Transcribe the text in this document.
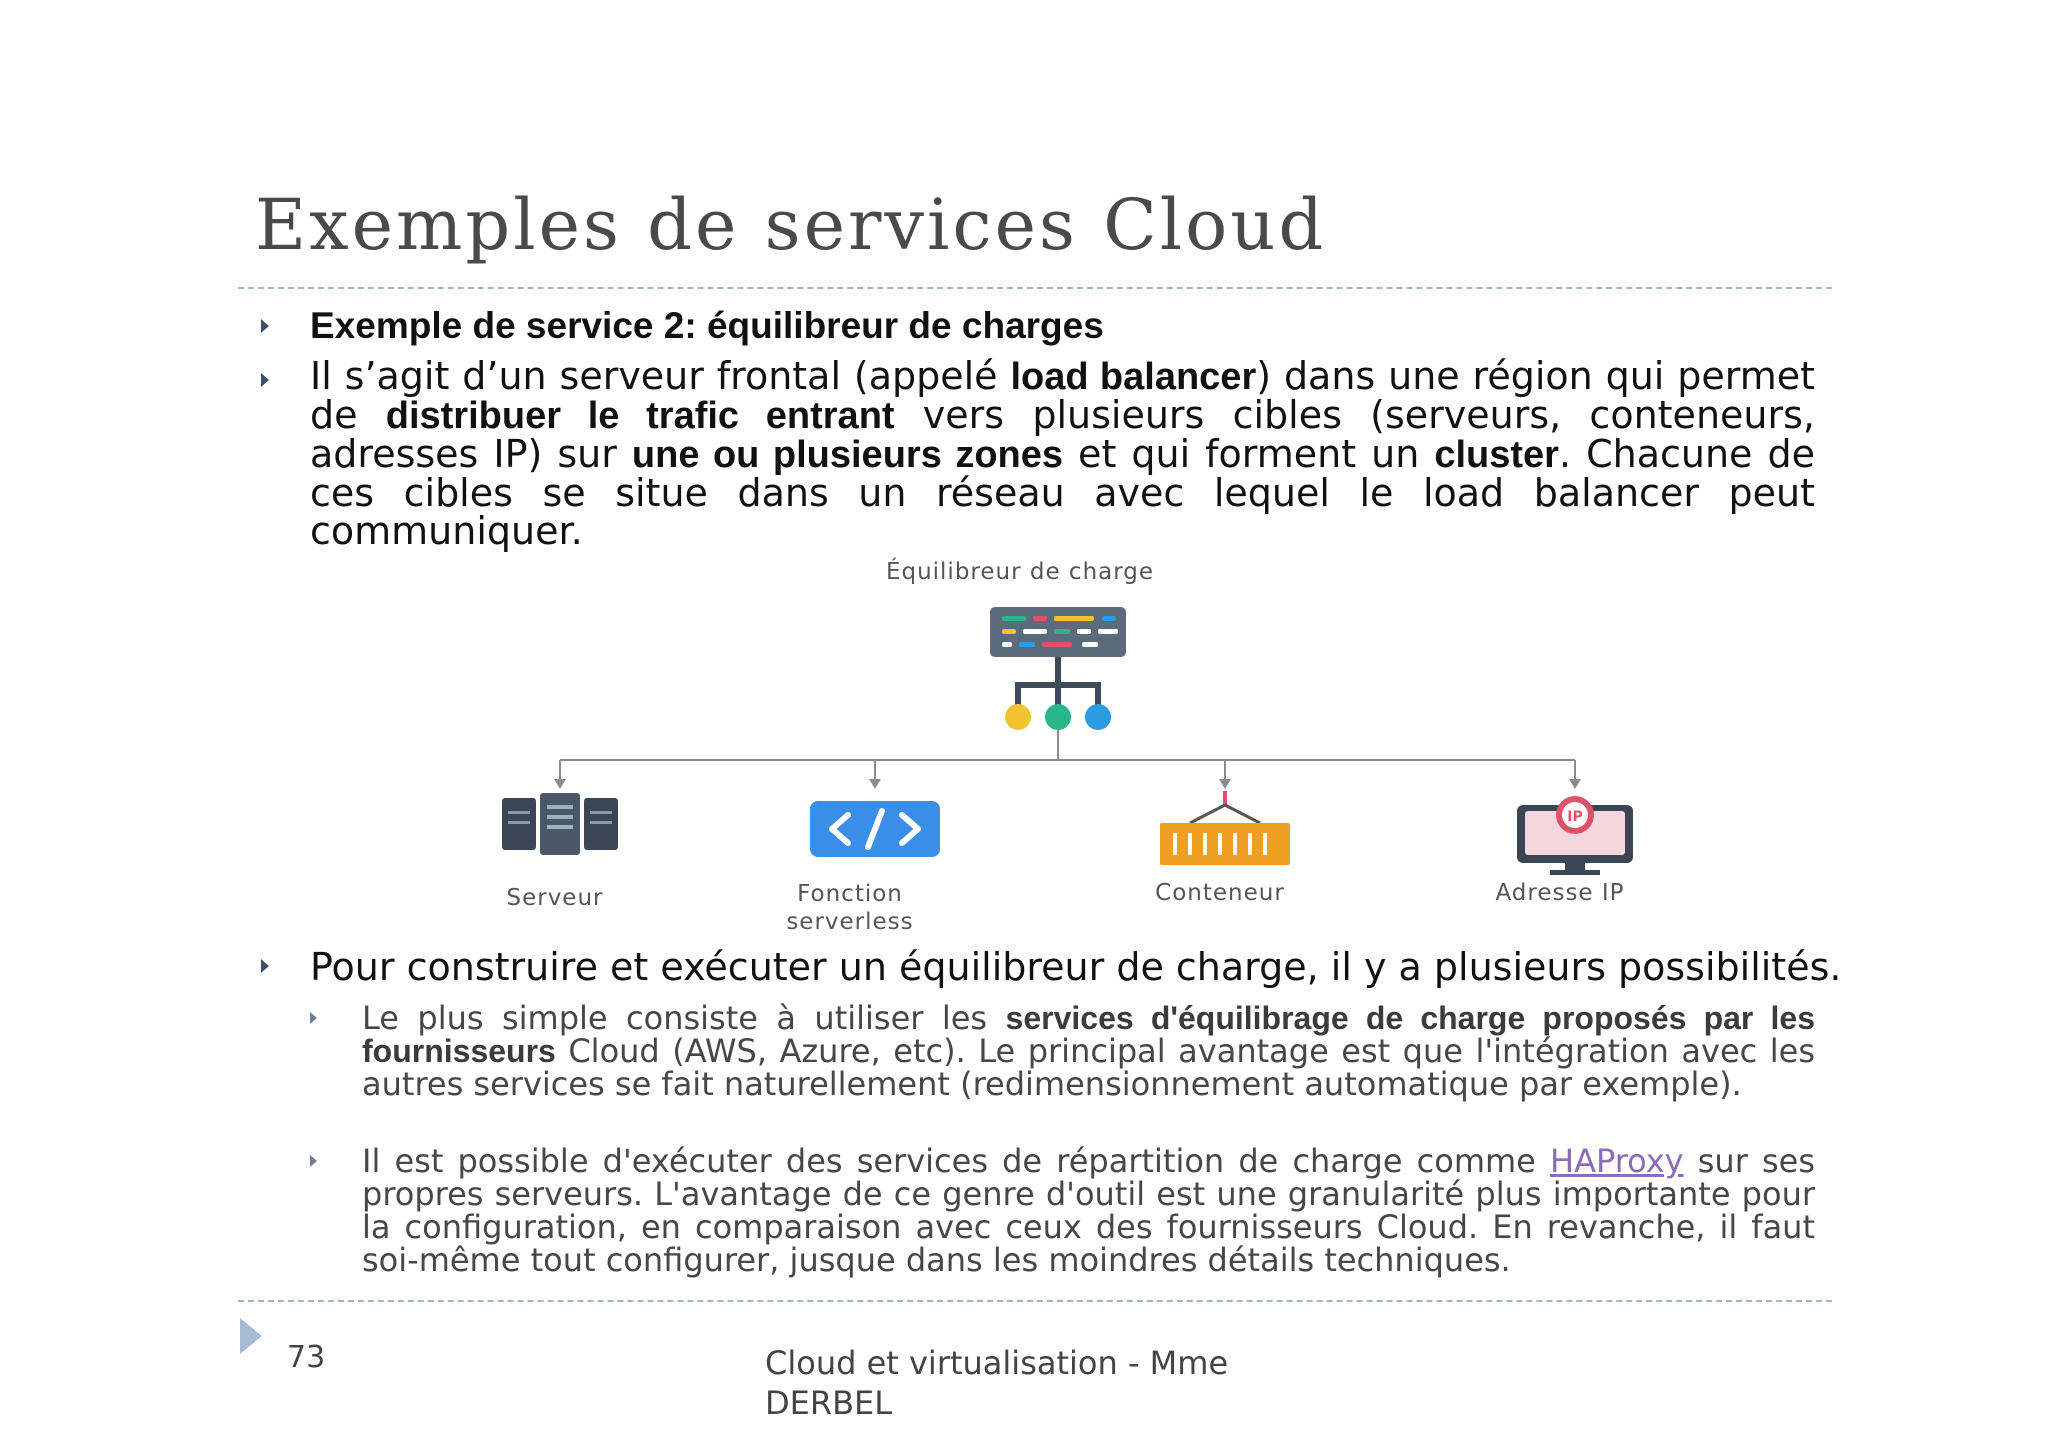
Exemples de services Cloud
Exemple de service 2: équilibreur de charges
Il s’agit d’un serveur frontal (appelé load balancer) dans une région qui permet de distribuer le trafic entrant vers plusieurs cibles (serveurs, conteneurs, adresses IP) sur une ou plusieurs zones et qui forment un cluster. Chacune de ces cibles se situe dans un réseau avec lequel le load balancer peut communiquer.
Pour construire et exécuter un équilibreur de charge, il y a plusieurs possibilités.
Le plus simple consiste à utiliser les services d'équilibrage de charge proposés par les fournisseurs Cloud (AWS, Azure, etc). Le principal avantage est que l'intégration avec les autres services se fait naturellement (redimensionnement automatique par exemple).
Il est possible d'exécuter des services de répartition de charge comme HAProxy sur ses propres serveurs. L'avantage de ce genre d'outil est une granularité plus importante pour la configuration, en comparaison avec ceux des fournisseurs Cloud. En revanche, il faut soi-même tout configurer, jusque dans les moindres détails techniques.
IP
Équilibreur de charge
Serveur	Fonction serverless
Conteneur	Adresse IP
73	Cloud et virtualisation - Mme DERBEL
